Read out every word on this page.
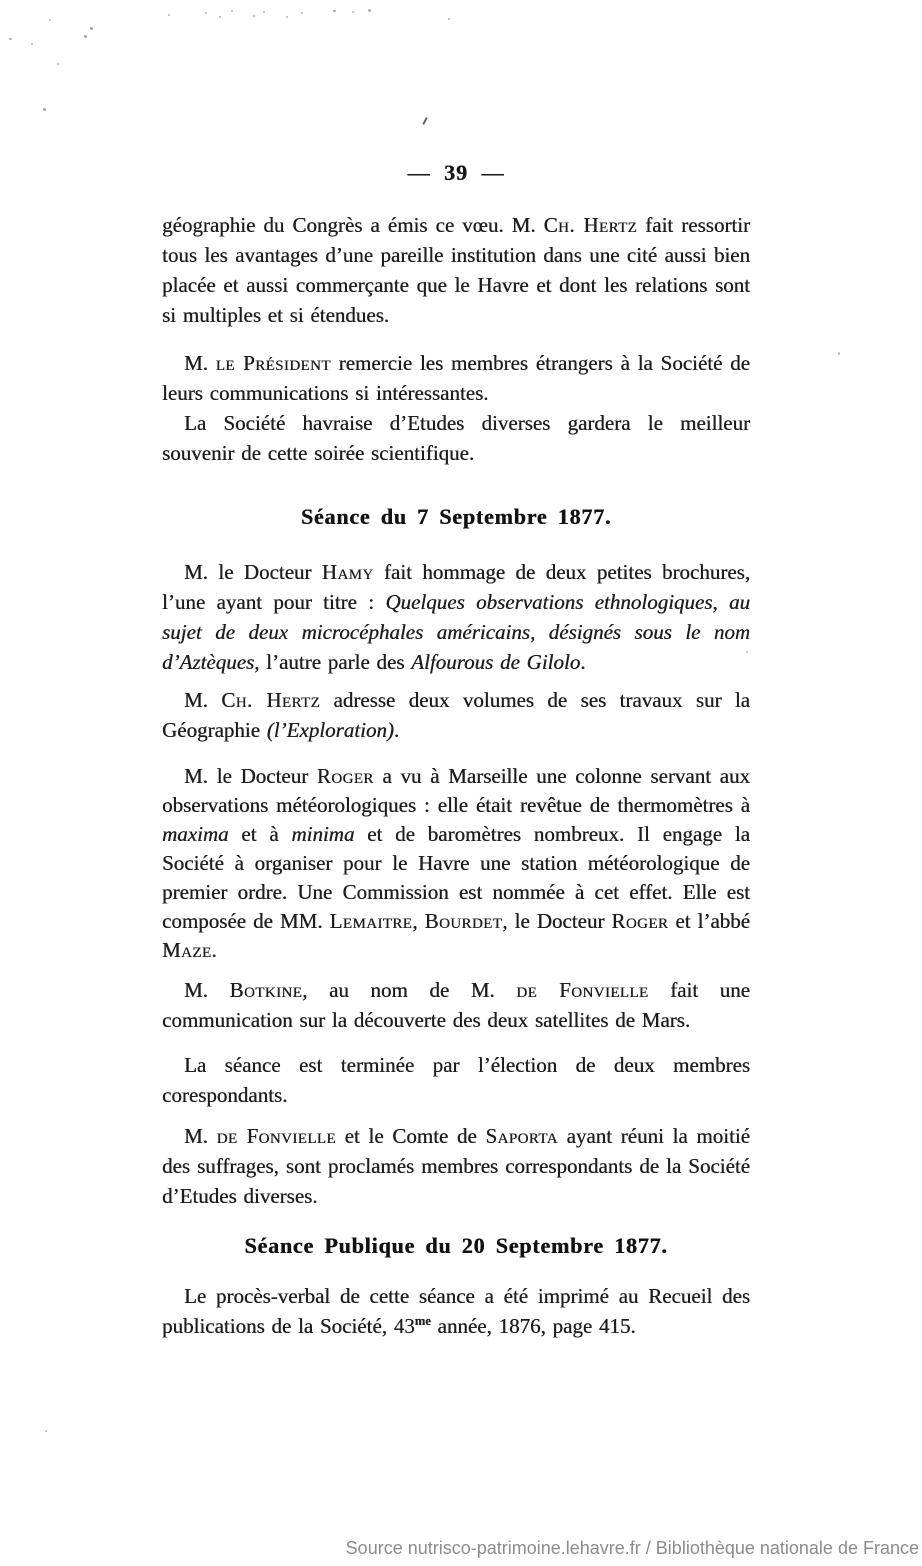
— 39 —

géographie du Congrès a émis ce vœu. M. Ch. Hertz fait ressortir tous les avantages d’une pareille institution dans une cité aussi bien placée et aussi commerçante que le Havre et dont les relations sont si multiples et si étendues.

M. le Président remercie les membres étrangers à la Société de leurs communications si intéressantes.

La Société havraise d’Etudes diverses gardera le meilleur souvenir de cette soirée scientifique.

Séance du 7 Septembre 1877.

M. le Docteur Hamy fait hommage de deux petites brochures, l’une ayant pour titre : Quelques observations ethnologiques, au sujet de deux microcéphales américains, désignés sous le nom d’Aztèques, l’autre parle des Alfourous de Gilolo.

M. Ch. Hertz adresse deux volumes de ses travaux sur la Géographie (l’Exploration).

M. le Docteur Roger a vu à Marseille une colonne servant aux observations météorologiques : elle était revêtue de thermomètres à maxima et à minima et de baromètres nombreux. Il engage la Société à organiser pour le Havre une station météorologique de premier ordre. Une Commission est nommée à cet effet. Elle est composée de MM. Lemaitre, Bourdet, le Docteur Roger et l’abbé Maze.

M. Botkine, au nom de M. de Fonvielle fait une communication sur la découverte des deux satellites de Mars.

La séance est terminée par l’élection de deux membres corespondants.

M. de Fonvielle et le Comte de Saporta ayant réuni la moitié des suffrages, sont proclamés membres correspondants de la Société d’Etudes diverses.

Séance Publique du 20 Septembre 1877.

Le procès-verbal de cette séance a été imprimé au Recueil des publications de la Société, $43^{me}$ année, 1876, page 415.

Source nutrisco-patrimoine.lehavre.fr / Bibliothèque nationale de France
